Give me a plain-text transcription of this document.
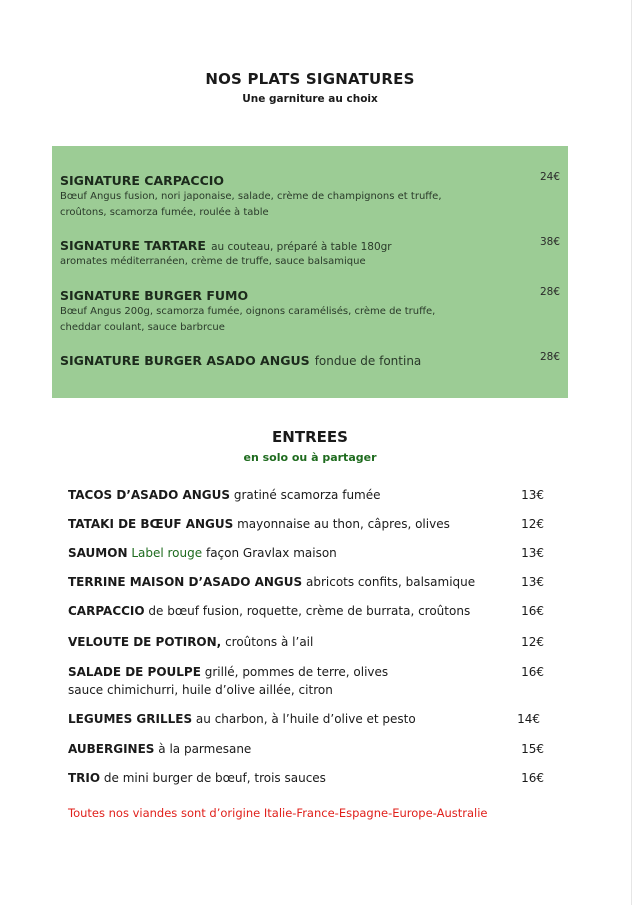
NOS PLATS SIGNATURES
Une garniture au choix
SIGNATURE CARPACCIO
Bœuf Angus fusion, nori japonaise, salade, crème de champignons et truffe,
croûtons, scamorza fumée, roulée à table
24€
SIGNATURE TARTARE au couteau, préparé à table 180gr
aromates méditerranéen, crème de truffe, sauce balsamique
38€
SIGNATURE BURGER FUMO
Bœuf Angus 200g, scamorza fumée, oignons caramélisés, crème de truffe,
cheddar coulant, sauce barbrcue
28€
SIGNATURE BURGER ASADO ANGUS fondue de fontina	28€
ENTREES
en solo ou à partager
TACOS D’ASADO ANGUS gratiné scamorza fumée	13€
TATAKI DE BŒUF ANGUS mayonnaise au thon, câpres, olives	12€
SAUMON Label rouge façon Gravlax maison	13€
TERRINE MAISON D’ASADO ANGUS abricots confits, balsamique	13€
CARPACCIO de bœuf fusion, roquette, crème de burrata, croûtons	16€
VELOUTE DE POTIRON, croûtons à l’ail	12€
SALADE DE POULPE grillé, pommes de terre, olives
sauce chimichurri, huile d’olive aillée, citron
16€
LEGUMES GRILLES au charbon, à l’huile d’olive et pesto	14€
AUBERGINES à la parmesane	15€
TRIO de mini burger de bœuf, trois sauces	16€
Toutes nos viandes sont d’origine Italie-France-Espagne-Europe-Australie
